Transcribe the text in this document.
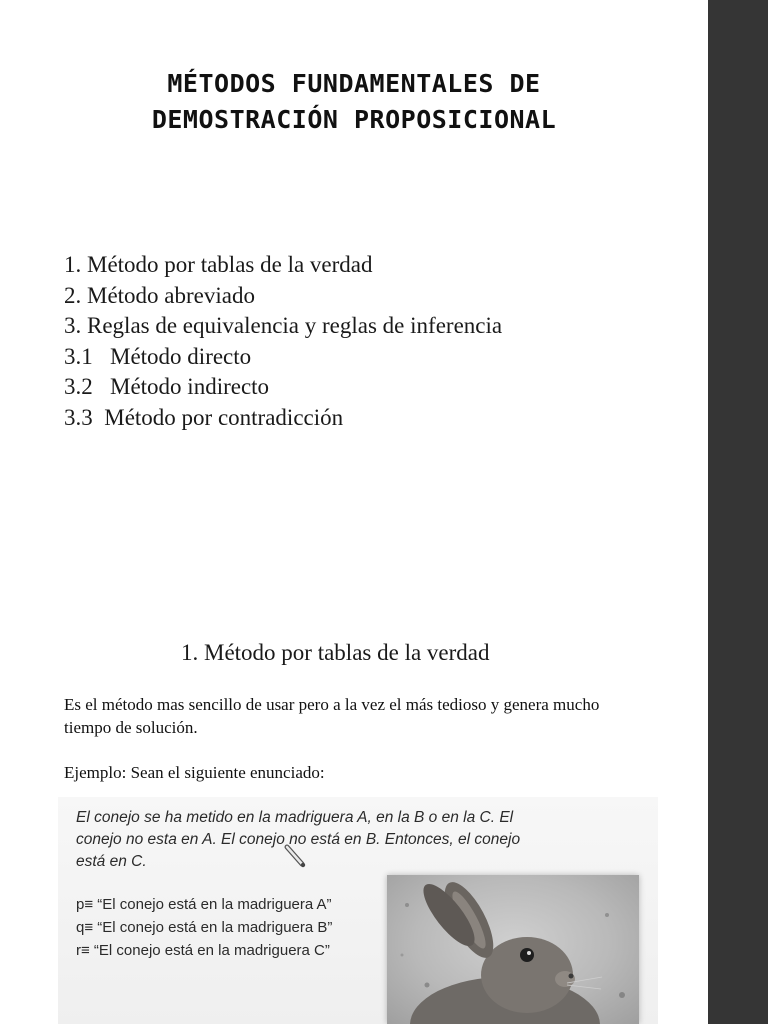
MÉTODOS FUNDAMENTALES DE
DEMOSTRACIÓN PROPOSICIONAL
1. Método por tablas de la verdad
2. Método abreviado
3. Reglas de equivalencia y reglas de inferencia
3.1   Método directo
3.2   Método indirecto
3.3  Método por contradicción
1. Método por tablas de la verdad
Es el método mas sencillo de usar pero a la vez el más tedioso y genera mucho tiempo de solución.
Ejemplo: Sean el siguiente enunciado:
El conejo se ha metido en la madriguera A, en la B o en la C. El conejo no esta en A. El conejo no está en B. Entonces, el conejo está en C.
p≡ “El conejo está en la madriguera A”
q≡ “El conejo está en la madriguera B”
r≡ “El conejo está en la madriguera C”
